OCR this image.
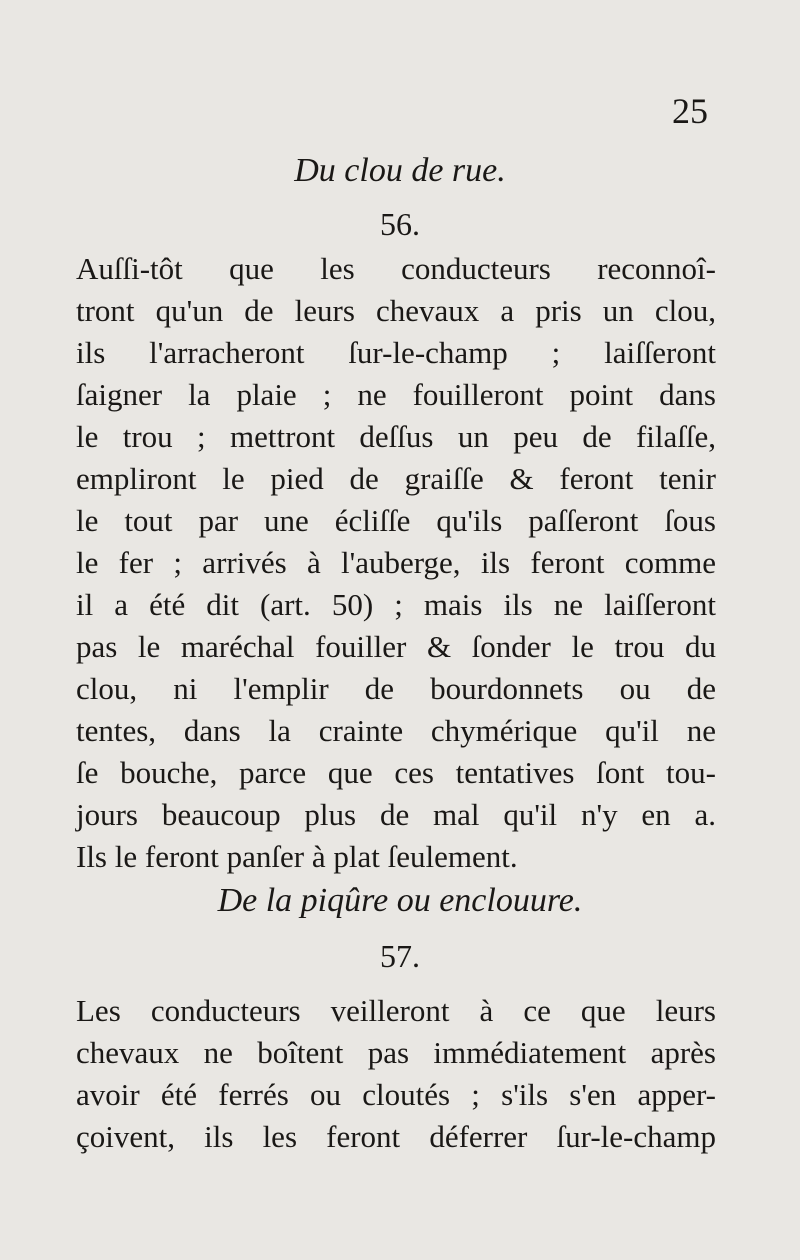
25
Du clou de rue.
56.
Auſſi-tôt que les conducteurs reconnoî-
tront qu'un de leurs chevaux a pris un clou,
ils l'arracheront ſur-le-champ ; laiſſeront
ſaigner la plaie ; ne fouilleront point dans
le trou ; mettront deſſus un peu de filaſſe,
empliront le pied de graiſſe & feront tenir
le tout par une écliſſe qu'ils paſſeront ſous
le fer ; arrivés à l'auberge, ils feront comme
il a été dit (art. 50) ; mais ils ne laiſſeront
pas le maréchal fouiller & ſonder le trou du
clou, ni l'emplir de bourdonnets ou de
tentes, dans la crainte chymérique qu'il ne
ſe bouche, parce que ces tentatives ſont tou-
jours beaucoup plus de mal qu'il n'y en a.
Ils le feront panſer à plat ſeulement.
De la piqûre ou enclouure.
57.
Les conducteurs veilleront à ce que leurs
chevaux ne boîtent pas immédiatement après
avoir été ferrés ou cloutés ; s'ils s'en apper-
çoivent, ils les feront déferrer ſur-le-champ
